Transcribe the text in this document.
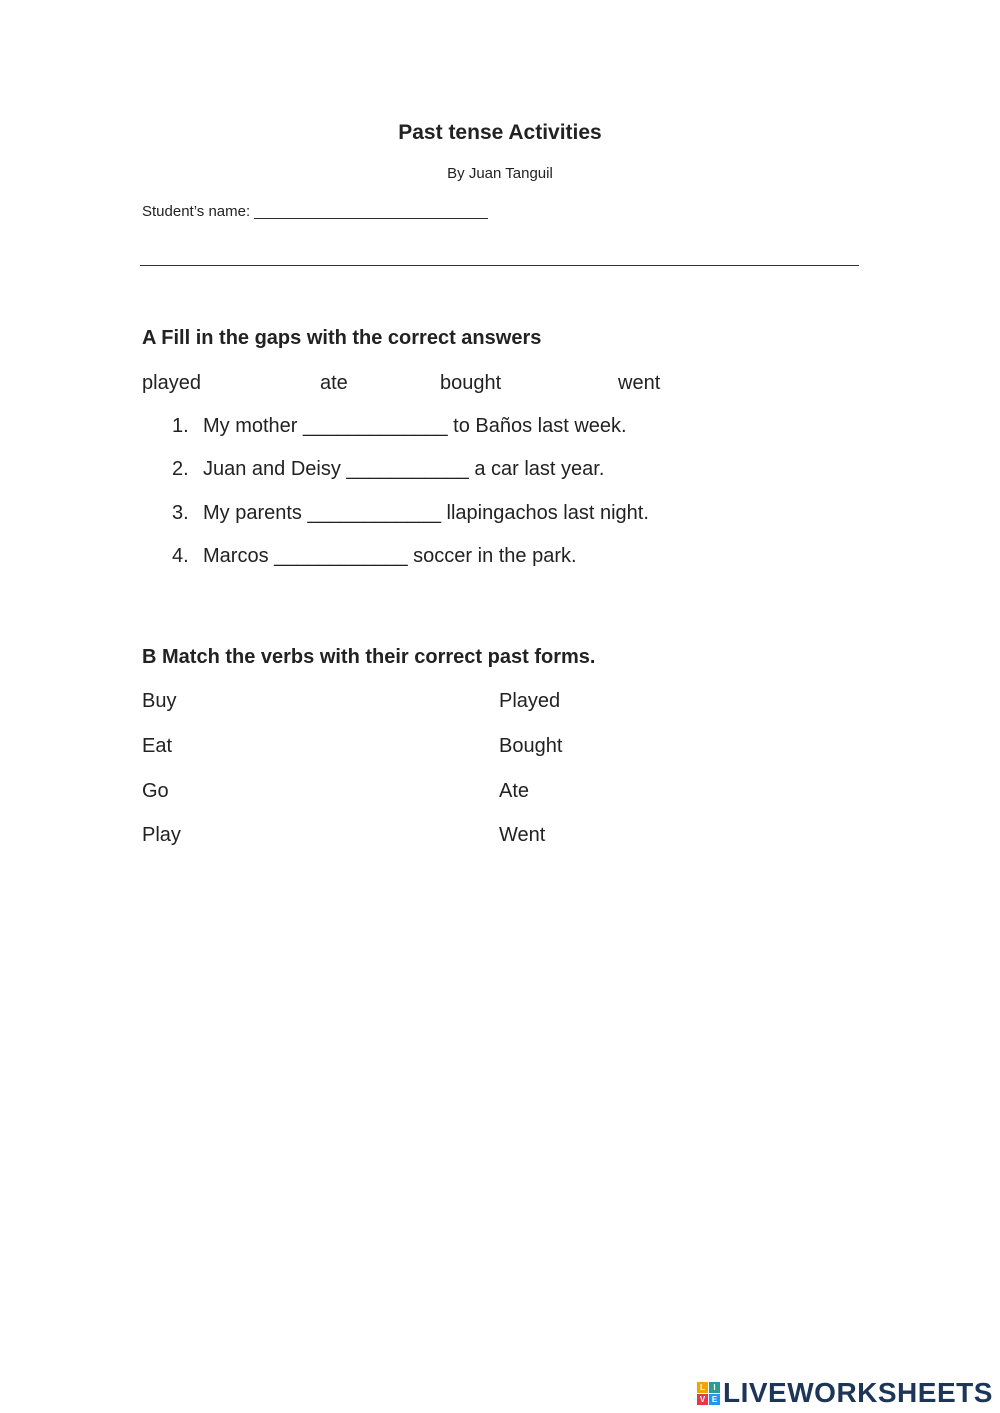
Past tense Activities
By Juan Tanguil
Student’s name: ____________________________
A Fill in the gaps with the correct answers
played	ate	bought	went
1. My mother _____________ to Baños last week.
2. Juan and Deisy ___________ a car last year.
3. My parents ____________ llapingachos last night.
4. Marcos ____________ soccer in the park.
B Match the verbs with their correct past forms.
Buy	Played
Eat	Bought
Go	Ate
Play	Went
L	I
V E LIVEWORKSHEETS
